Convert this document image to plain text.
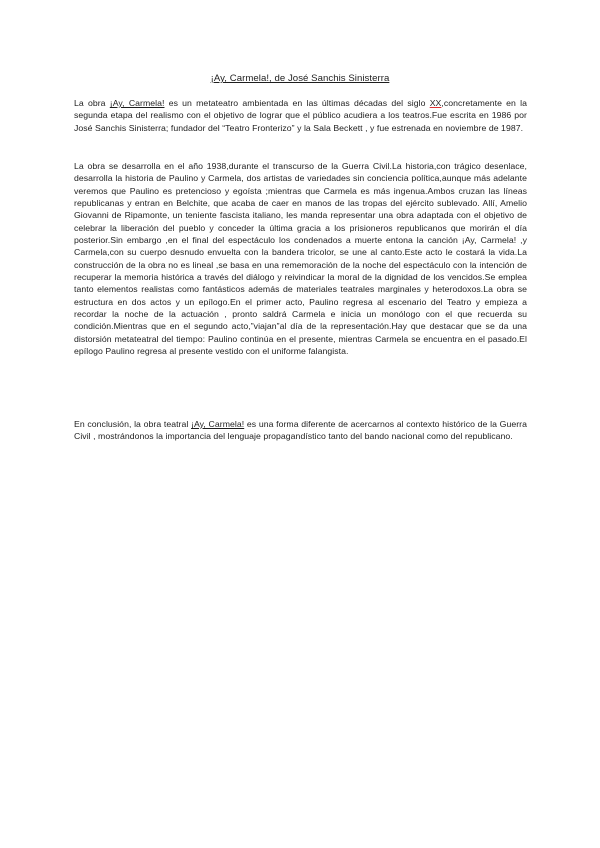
¡Ay, Carmela!, de José Sanchis Sinisterra

La obra ¡Ay, Carmela! es un metateatro ambientada en las últimas décadas del siglo XX,concretamente en la segunda etapa del realismo con el objetivo de lograr que el público acudiera a los teatros.Fue escrita en 1986 por José Sanchis Sinisterra; fundador del “Teatro Fronterizo” y la Sala Beckett , y fue estrenada en noviembre de 1987.

La obra se desarrolla en el año 1938,durante el transcurso de la Guerra Civil.La historia,con trágico desenlace, desarrolla la historia de Paulino y Carmela, dos artistas de variedades sin conciencia política,aunque más adelante veremos que Paulino es pretencioso y egoísta ;mientras que Carmela es más ingenua.Ambos cruzan las líneas republicanas y entran en Belchite, que acaba de caer en manos de las tropas del ejército sublevado. Allí, Amelio Giovanni de Ripamonte, un teniente fascista italiano, les manda representar una obra adaptada con el objetivo de celebrar la liberación del pueblo y conceder la última gracia a los prisioneros republicanos que morirán el día posterior.Sin embargo ,en el final del espectáculo los condenados a muerte entona la canción ¡Ay, Carmela! ,y Carmela,con su cuerpo desnudo envuelta con la bandera tricolor, se une al canto.Este acto le costará la vida.La construcción de la obra no es lineal ,se basa en una rememoración de la noche del espectáculo con la intención de recuperar la memoria histórica a través del diálogo y reivindicar la moral de la dignidad de los vencidos.Se emplea tanto elementos realistas como fantásticos además de materiales teatrales marginales y heterodoxos.La obra se estructura en dos actos y un epílogo.En el primer acto, Paulino regresa al escenario del Teatro y empieza a recordar la noche de la actuación , pronto saldrá Carmela e inicia un monólogo con el que recuerda su condición.Mientras que en el segundo acto,”viajan”al día de la representación.Hay que destacar que se da una distorsión metateatral del tiempo: Paulino continúa en el presente, mientras Carmela se encuentra en el pasado.El epílogo Paulino regresa al presente vestido con el uniforme falangista.

En conclusión, la obra teatral ¡Ay, Carmela! es una forma diferente de acercarnos al contexto histórico de la Guerra Civil , mostrándonos la importancia del lenguaje propagandístico tanto del bando nacional como del republicano.
